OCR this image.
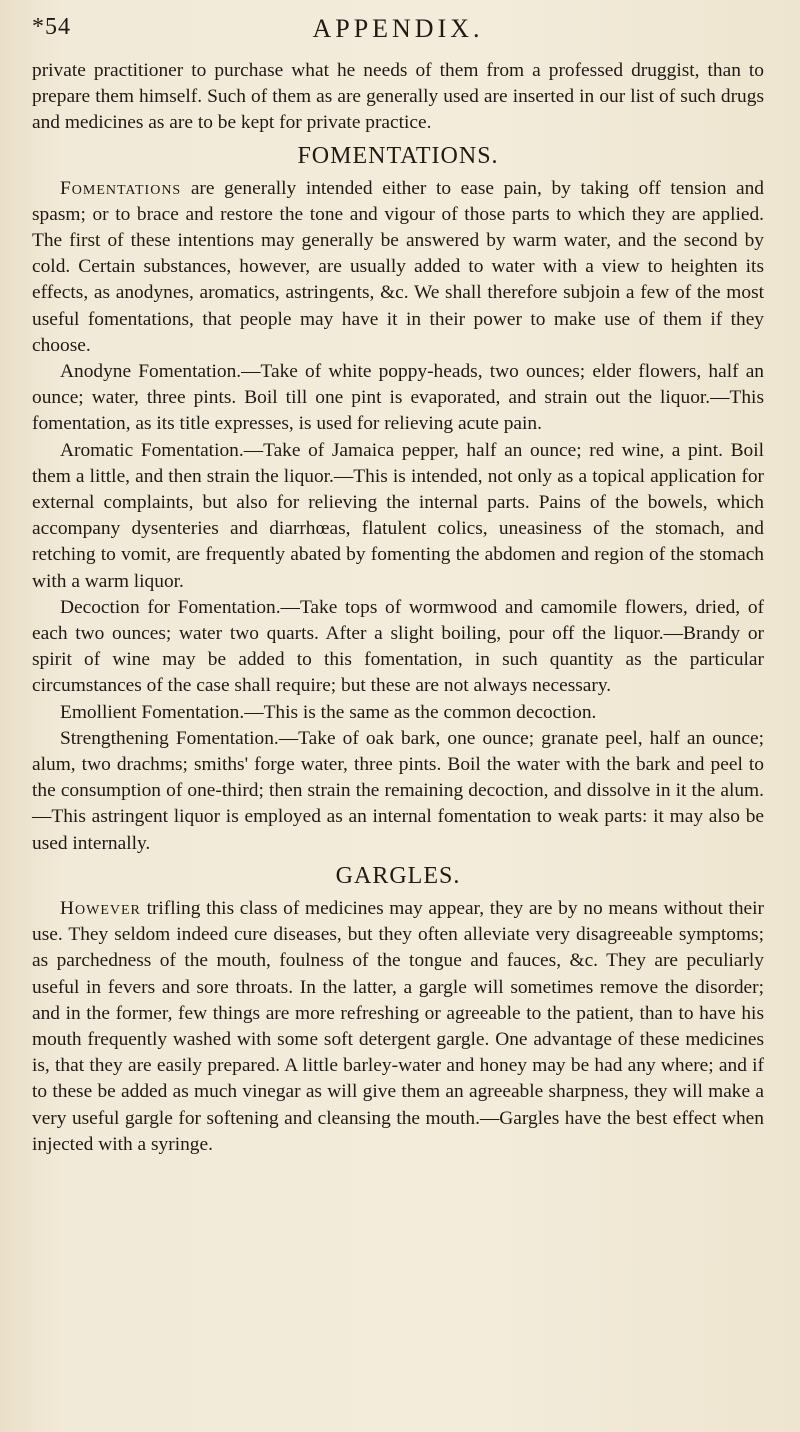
*54	APPENDIX.

private practitioner to purchase what he needs of them from a professed druggist, than to prepare them himself. Such of them as are generally used are inserted in our list of such drugs and medicines as are to be kept for private practice.

FOMENTATIONS.

Fomentations are generally intended either to ease pain, by taking off tension and spasm; or to brace and restore the tone and vigour of those parts to which they are applied. The first of these intentions may generally be answered by warm water, and the second by cold. Certain substances, however, are usually added to water with a view to heighten its effects, as anodynes, aromatics, astringents, &c. We shall therefore subjoin a few of the most useful fomentations, that people may have it in their power to make use of them if they choose.

Anodyne Fomentation.—Take of white poppy-heads, two ounces; elder flowers, half an ounce; water, three pints. Boil till one pint is evaporated, and strain out the liquor.—This fomentation, as its title expresses, is used for relieving acute pain.

Aromatic Fomentation.—Take of Jamaica pepper, half an ounce; red wine, a pint. Boil them a little, and then strain the liquor.—This is intended, not only as a topical application for external complaints, but also for relieving the internal parts. Pains of the bowels, which accompany dysenteries and diarrhœas, flatulent colics, uneasiness of the stomach, and retching to vomit, are frequently abated by fomenting the abdomen and region of the stomach with a warm liquor.

Decoction for Fomentation.—Take tops of wormwood and camomile flowers, dried, of each two ounces; water two quarts. After a slight boiling, pour off the liquor.—Brandy or spirit of wine may be added to this fomentation, in such quantity as the particular circumstances of the case shall require; but these are not always necessary.

Emollient Fomentation.—This is the same as the common decoction.

Strengthening Fomentation.—Take of oak bark, one ounce; granate peel, half an ounce; alum, two drachms; smiths' forge water, three pints. Boil the water with the bark and peel to the consumption of one-third; then strain the remaining decoction, and dissolve in it the alum. —This astringent liquor is employed as an internal fomentation to weak parts: it may also be used internally.

GARGLES.

However trifling this class of medicines may appear, they are by no means without their use. They seldom indeed cure diseases, but they often alleviate very disagreeable symptoms; as parchedness of the mouth, foulness of the tongue and fauces, &c. They are peculiarly useful in fevers and sore throats. In the latter, a gargle will sometimes remove the disorder; and in the former, few things are more refreshing or agreeable to the patient, than to have his mouth frequently washed with some soft detergent gargle. One advantage of these medicines is, that they are easily prepared. A little barley-water and honey may be had any where; and if to these be added as much vinegar as will give them an agreeable sharpness, they will make a very useful gargle for softening and cleansing the mouth.—Gargles have the best effect when injected with a syringe.
